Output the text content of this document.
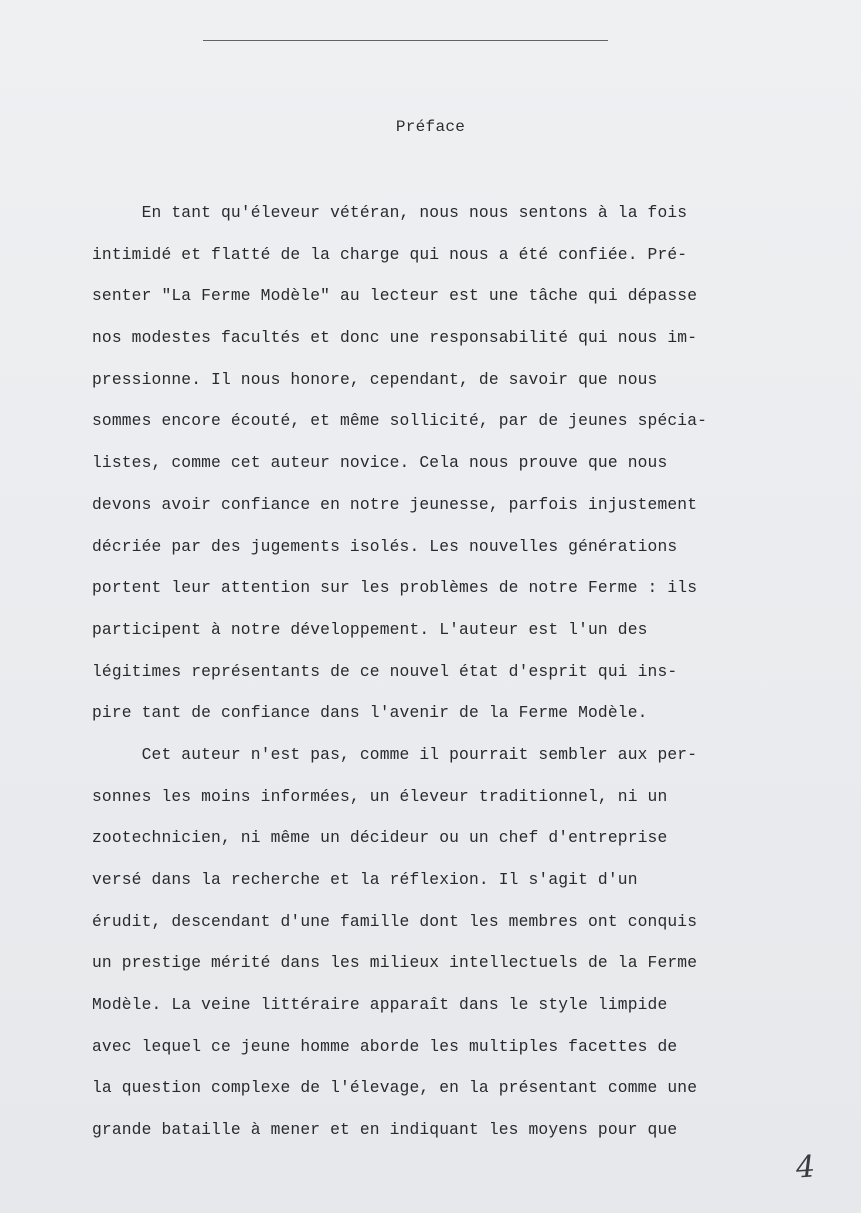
Préface
En tant qu'éleveur vétéran, nous nous sentons à la fois
intimidé et flatté de la charge qui nous a été confiée. Pré-
senter "La Ferme Modèle" au lecteur est une tâche qui dépasse
nos modestes facultés et donc une responsabilité qui nous im-
pressionne. Il nous honore, cependant, de savoir que nous
sommes encore écouté, et même sollicité, par de jeunes spécia-
listes, comme cet auteur novice. Cela nous prouve que nous
devons avoir confiance en notre jeunesse, parfois injustement
décriée par des jugements isolés. Les nouvelles générations
portent leur attention sur les problèmes de notre Ferme : ils
participent à notre développement. L'auteur est l'un des
légitimes représentants de ce nouvel état d'esprit qui ins-
pire tant de confiance dans l'avenir de la Ferme Modèle.
Cet auteur n'est pas, comme il pourrait sembler aux per-
sonnes les moins informées, un éleveur traditionnel, ni un
zootechnicien, ni même un décideur ou un chef d'entreprise
versé dans la recherche et la réflexion. Il s'agit d'un
érudit, descendant d'une famille dont les membres ont conquis
un prestige mérité dans les milieux intellectuels de la Ferme
Modèle. La veine littéraire apparaît dans le style limpide
avec lequel ce jeune homme aborde les multiples facettes de
la question complexe de l'élevage, en la présentant comme une
grande bataille à mener et en indiquant les moyens pour que
4
